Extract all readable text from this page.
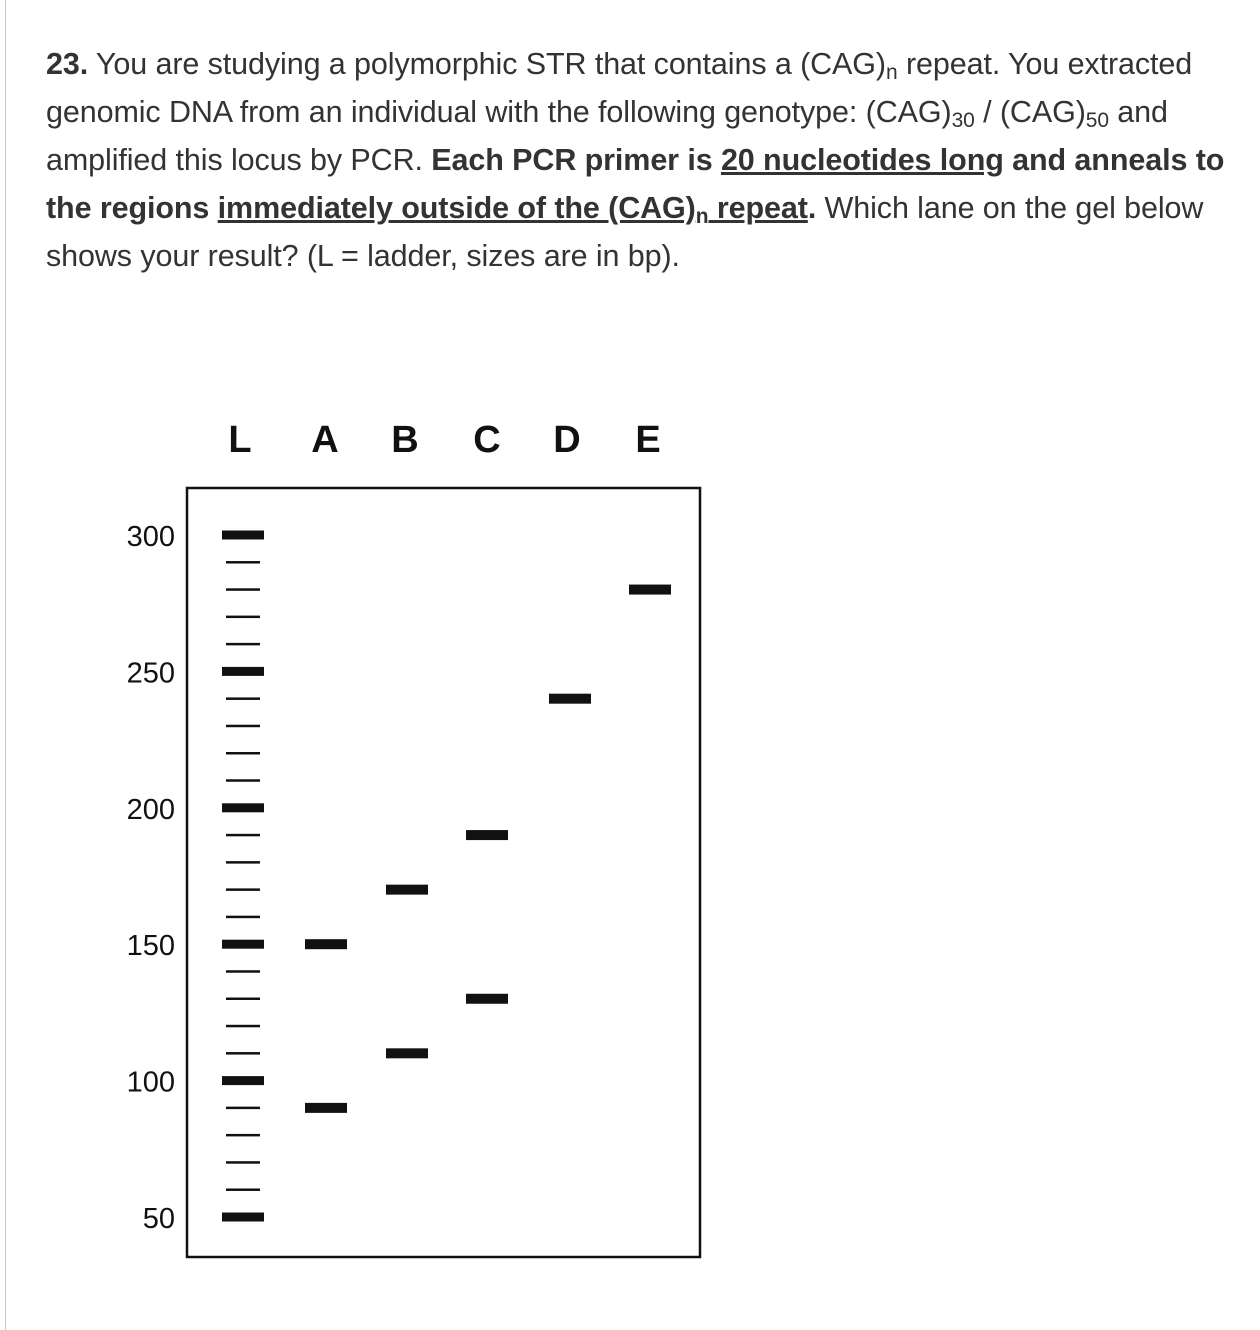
23. You are studying a polymorphic STR that contains a $(CAG)_n$ repeat. You extracted genomic DNA from an individual with the following genotype: $(CAG)_{30} / (CAG)_{50}$ and amplified this locus by PCR. Each PCR primer is 20 nucleotides long and anneals to the regions immediately outside of the $(CAG)_n$ repeat. Which lane on the gel below shows your result? (L = ladder, sizes are in bp).

L A B C D E
300
250
200
150
100
50
